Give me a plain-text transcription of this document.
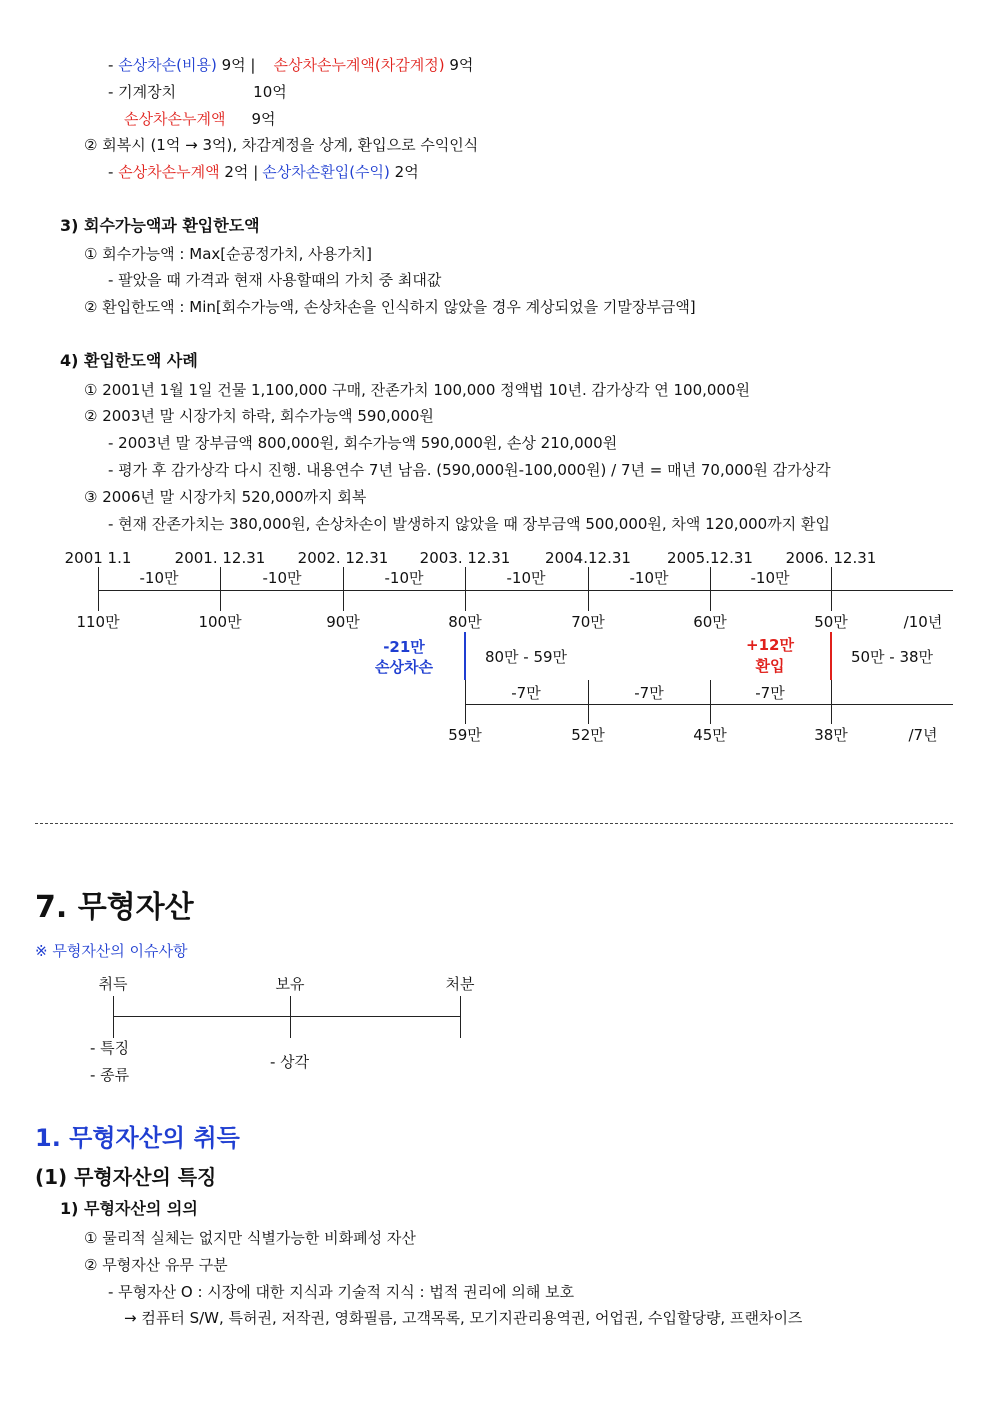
- 손상차손(비용) 9억 | 손상차손누계액(차감계정) 9억
- 기계장치	10억
손상차손누계액 9억
② 회복시 (1억 → 3억), 차감계정을 상계, 환입으로 수익인식
- 손상차손누계액 2억 | 손상차손환입(수익) 2억
3) 회수가능액과 환입한도액
① 회수가능액 : Max[순공정가치, 사용가치]
- 팔았을 때 가격과 현재 사용할때의 가치 중 최대값
② 환입한도액 : Min[회수가능액, 손상차손을 인식하지 않았을 경우 계상되었을 기말장부금액]
4) 환입한도액 사례
① 2001년 1월 1일 건물 1,100,000 구매, 잔존가치 100,000 정액법 10년. 감가상각 연 100,000원
② 2003년 말 시장가치 하락, 회수가능액 590,000원
- 2003년 말 장부금액 800,000원, 회수가능액 590,000원, 손상 210,000원
- 평가 후 감가상각 다시 진행. 내용연수 7년 남음. (590,000원-100,000원) / 7년 = 매년 70,000원 감가상각
③ 2006년 말 시장가치 520,000까지 회복
- 현재 잔존가치는 380,000원, 손상차손이 발생하지 않았을 때 장부금액 500,000원, 차액 120,000까지 환입
2001 1.1	2001. 12.31 2002. 12.31 2003. 12.31 2004.12.31 2005.12.31 2006. 12.31
-10만	-10만	-10만	-10만	-10만	-10만
110만	100만	90만	80만	70만	60만	50만	/10년
-21만
손상차손
80만 - 59만
+12만
환입	50만 - 38만
-7만	-7만	-7만
59만	52만	45만	38만	/7년
7. 무형자산
※ 무형자산의 이슈사항
취득	보유	처분
- 특징
- 종류
- 상각
1. 무형자산의 취득
(1) 무형자산의 특징
1) 무형자산의 의의
① 물리적 실체는 없지만 식별가능한 비화폐성 자산
② 무형자산 유무 구분
- 무형자산 O : 시장에 대한 지식과 기술적 지식 : 법적 권리에 의해 보호
→ 컴퓨터 S/W, 특허권, 저작권, 영화필름, 고객목록, 모기지관리용역권, 어업권, 수입할당량, 프랜차이즈
